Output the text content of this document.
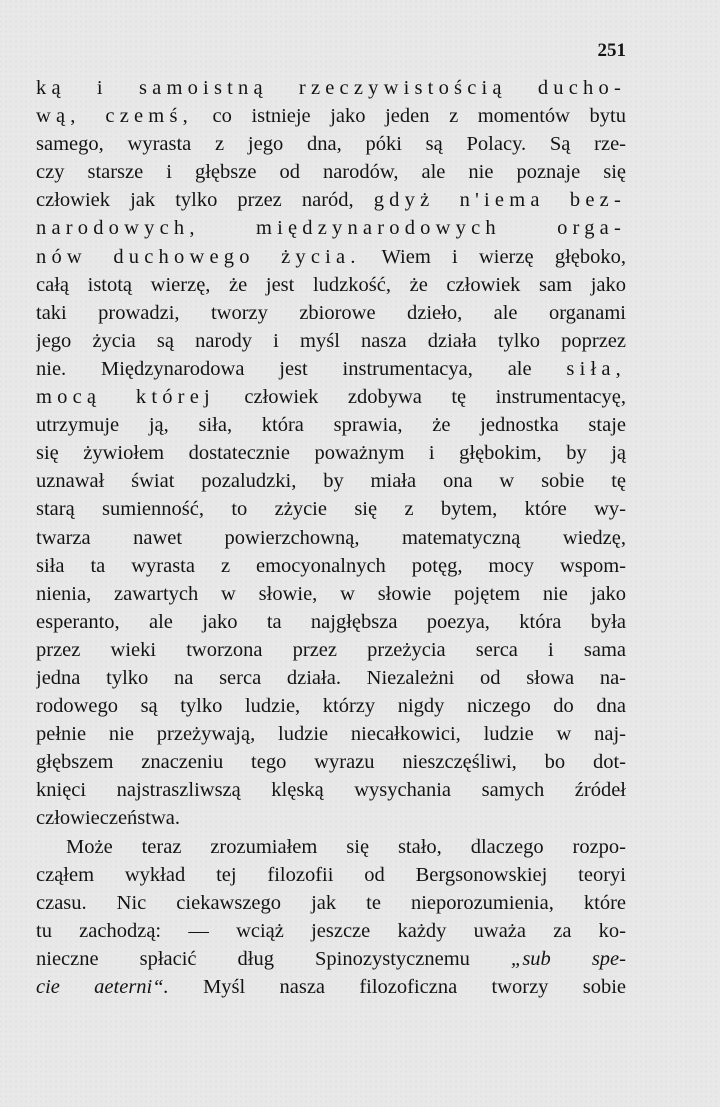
251
ką i samoistną rzeczywistością ducho-
wą, czemś, co istnieje jako jeden z momentów bytu
samego, wyrasta z jego dna, póki są Polacy. Są rze-
czy starsze i głębsze od narodów, ale nie poznaje się
człowiek jak tylko przez naród, gdyż n'iema bez-
narodowych, międzynarodowych orga-
nów duchowego życia. Wiem i wierzę głęboko,
całą istotą wierzę, że jest ludzkość, że człowiek sam jako
taki prowadzi, tworzy zbiorowe dzieło, ale organami
jego życia są narody i myśl nasza działa tylko poprzez
nie. Międzynarodowa jest instrumentacya, ale siła,
mocą której człowiek zdobywa tę instrumentacyę,
utrzymuje ją, siła, która sprawia, że jednostka staje
się żywiołem dostatecznie poważnym i głębokim, by ją
uznawał świat pozaludzki, by miała ona w sobie tę
starą sumienność, to zżycie się z bytem, które wy-
twarza nawet powierzchowną, matematyczną wiedzę,
siła ta wyrasta z emocyonalnych potęg, mocy wspom-
nienia, zawartych w słowie, w słowie pojętem nie jako
esperanto, ale jako ta najgłębsza poezya, która była
przez wieki tworzona przez przeżycia serca i sama
jedna tylko na serca działa. Niezależni od słowa na-
rodowego są tylko ludzie, którzy nigdy niczego do dna
pełnie nie przeżywają, ludzie niecałkowici, ludzie w naj-
głębszem znaczeniu tego wyrazu nieszczęśliwi, bo dot-
knięci najstraszliwszą klęską wysychania samych źródeł
człowieczeństwa.
Może teraz zrozumiałem się stało, dlaczego rozpo-
cząłem wykład tej filozofii od Bergsonowskiej teoryi
czasu. Nic ciekawszego jak te nieporozumienia, które
tu zachodzą: — wciąż jeszcze każdy uważa za ko-
nieczne spłacić dług Spinozystycznemu „sub spe-
cie aeterni“. Myśl nasza filozoficzna tworzy sobie
